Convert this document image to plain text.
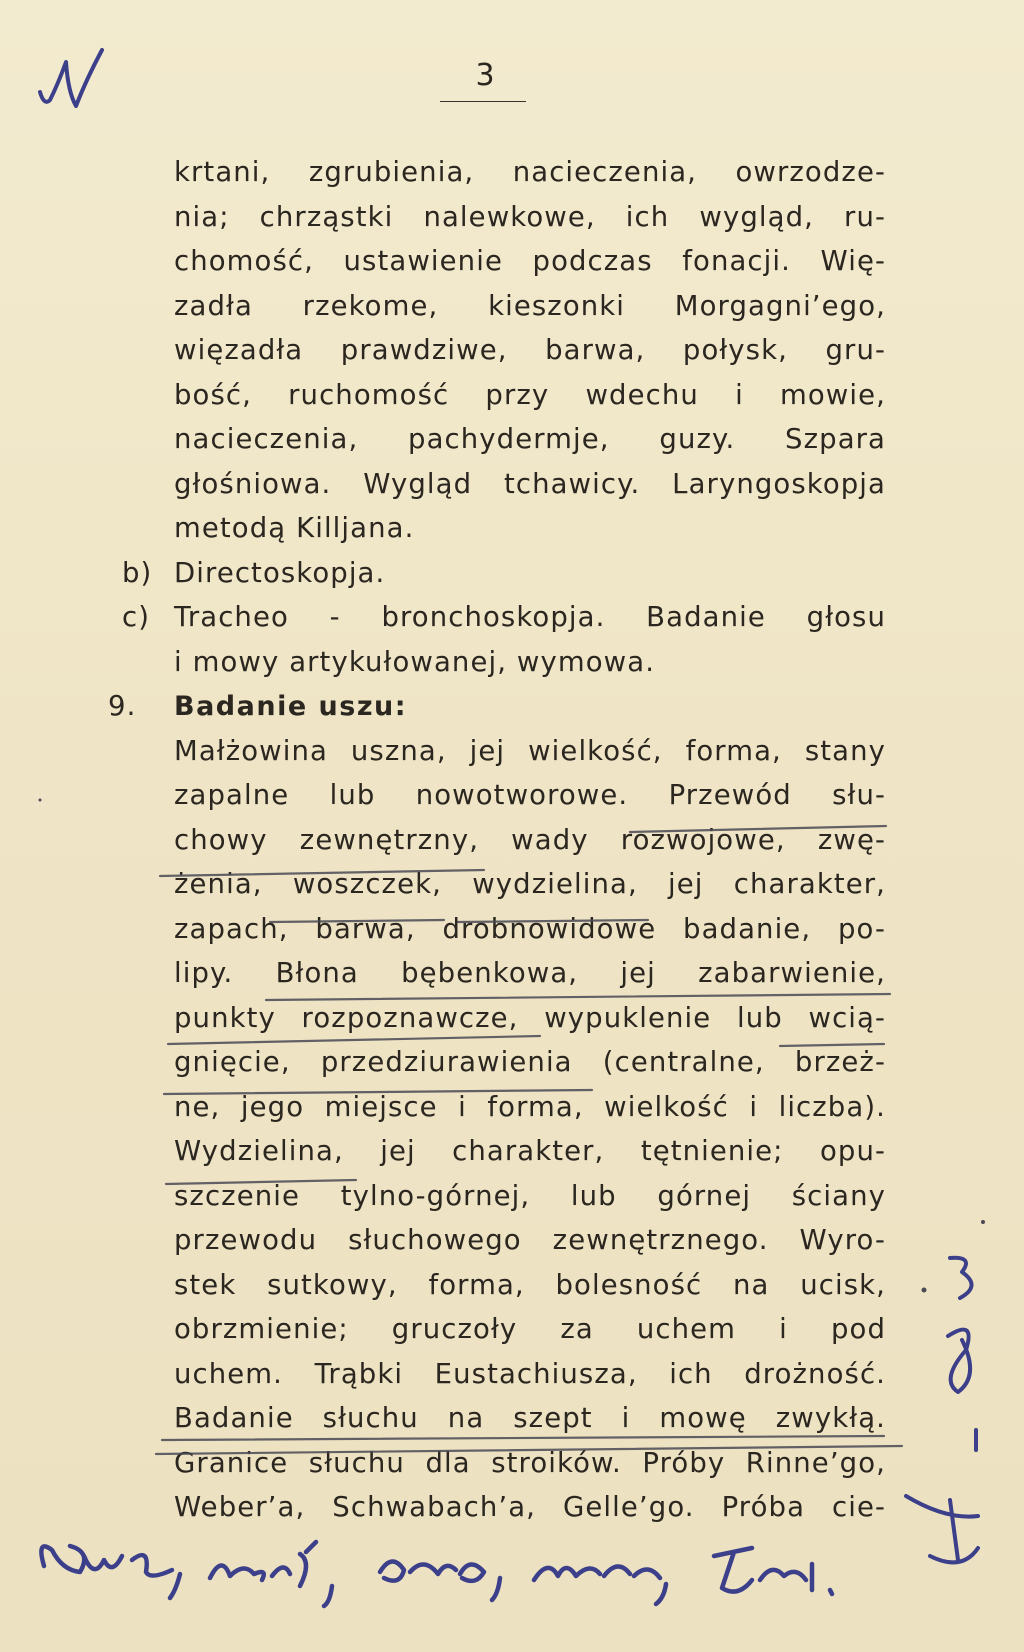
3
krtani, zgrubienia, nacieczenia, owrzodze-
nia; chrząstki nalewkowe, ich wygląd, ru-
chomość, ustawienie podczas fonacji. Wię-
zadła rzekome, kieszonki Morgagni’ego,
więzadła prawdziwe, barwa, połysk, gru-
bość, ruchomość przy wdechu i mowie,
nacieczenia, pachydermje, guzy. Szpara
głośniowa. Wygląd tchawicy. Laryngoskopja
metodą Killjana.
b) Directoskopja.
c) Tracheo - bronchoskopja. Badanie głosu
i mowy artykułowanej, wymowa.
9. Badanie uszu:
Małżowina uszna, jej wielkość, forma, stany
zapalne lub nowotworowe. Przewód słu-
chowy zewnętrzny, wady rozwojowe, zwę-
żenia, woszczek, wydzielina, jej charakter,
zapach, barwa, drobnowidowe badanie, po-
lipy. Błona bębenkowa, jej zabarwienie,
punkty rozpoznawcze, wypuklenie lub wcią-
gnięcie, przedziurawienia (centralne, brzeż-
ne, jego miejsce i forma, wielkość i liczba).
Wydzielina, jej charakter, tętnienie; opu-
szczenie tylno-górnej, lub górnej ściany
przewodu słuchowego zewnętrznego. Wyro-
stek sutkowy, forma, bolesność na ucisk,
obrzmienie; gruczoły za uchem i pod
uchem. Trąbki Eustachiusza, ich drożność.
Badanie słuchu na szept i mowę zwykłą.
Granice słuchu dla stroików. Próby Rinne’go,
Weber’a, Schwabach’a, Gelle’go. Próba cie-
